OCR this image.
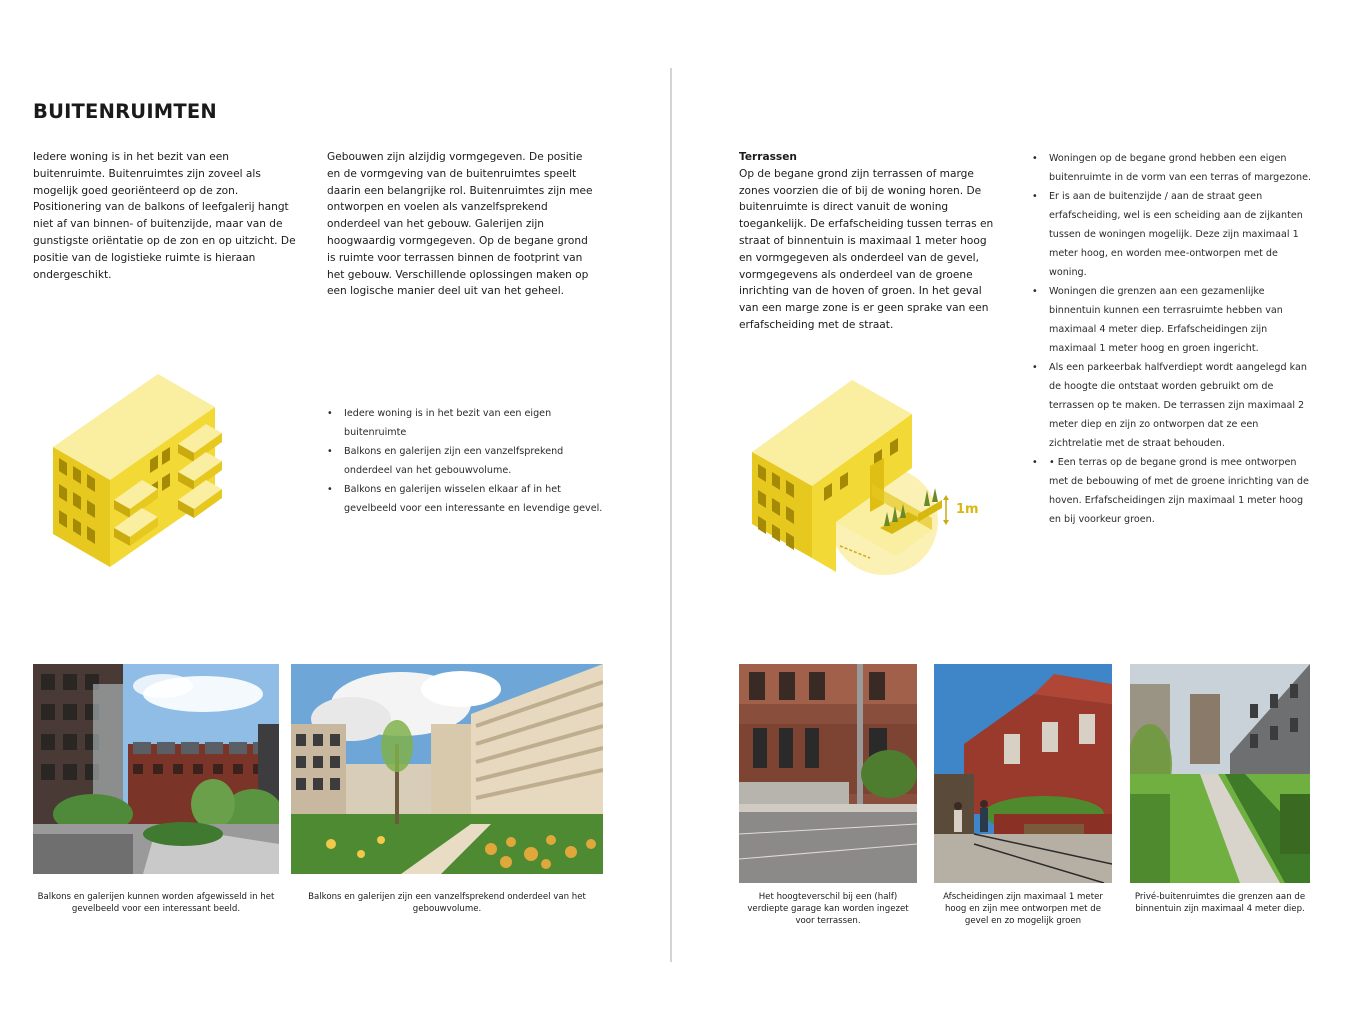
BUITENRUIMTEN

Iedere woning is in het bezit van een buitenruimte. Buitenruimtes zijn zoveel als mogelijk goed georiënteerd op de zon. Positionering van de balkons of leefgalerij hangt niet af van binnen- of buitenzijde, maar van de gunstigste oriëntatie op de zon en op uitzicht. De positie van de logistieke ruimte is hieraan ondergeschikt.

Gebouwen zijn alzijdig vormgegeven. De positie en de vormgeving van de buitenruimtes speelt daarin een belangrijke rol. Buitenruimtes zijn mee ontworpen en voelen als vanzelfsprekend onderdeel van het gebouw. Galerijen zijn hoogwaardig vormgegeven. Op de begane grond is ruimte voor terrassen binnen de footprint van het gebouw. Verschillende oplossingen maken op een logische manier deel uit van het geheel.

• Iedere woning is in het bezit van een eigen buitenruimte
• Balkons en galerijen zijn een vanzelfsprekend onderdeel van het gebouwvolume.
• Balkons en galerijen wisselen elkaar af in het gevelbeeld voor een interessante en levendige gevel.
Balkons en galerijen kunnen worden afgewisseld in het gevelbeeld voor een interessant beeld.
Balkons en galerijen zijn een vanzelfsprekend onderdeel van het gebouwvolume.

Terrassen

Op de begane grond zijn terrassen of marge zones voorzien die of bij de woning horen. De buitenruimte is direct vanuit de woning toegankelijk. De erfafscheiding tussen terras en straat of binnentuin is maximaal 1 meter hoog en vormgegeven als onderdeel van de gevel, vormgegevens als onderdeel van de groene inrichting van de hoven of groen. In het geval van een marge zone is er geen sprake van een erfafscheiding met de straat.

• Woningen op de begane grond hebben een eigen buitenruimte in de vorm van een terras of margezone.
• Er is aan de buitenzijde / aan de straat geen erfafscheiding, wel is een scheiding aan de zijkanten tussen de woningen mogelijk. Deze zijn maximaal 1 meter hoog, en worden mee-ontworpen met de woning.
• Woningen die grenzen aan een gezamenlijke binnentuin kunnen een terrasruimte hebben van maximaal 4 meter diep. Erfafscheidingen zijn maximaal 1 meter hoog en groen ingericht.
• Als een parkeerbak halfverdiept wordt aangelegd kan de hoogte die ontstaat worden gebruikt om de terrassen op te maken. De terrassen zijn maximaal 2 meter diep en zijn zo ontworpen dat ze een zichtrelatie met de straat behouden.
• • Een terras op de begane grond is mee ontworpen met de bebouwing of met de groene inrichting van de hoven. Erfafscheidingen zijn maximaal 1 meter hoog en bij voorkeur groen.
1m
Het hoogteverschil bij een (half) verdiepte garage kan worden ingezet voor terrassen.
Afscheidingen zijn maximaal 1 meter hoog en zijn mee ontworpen met de gevel en zo mogelijk groen
Privé-buitenruimtes die grenzen aan de binnentuin zijn maximaal 4 meter diep.
